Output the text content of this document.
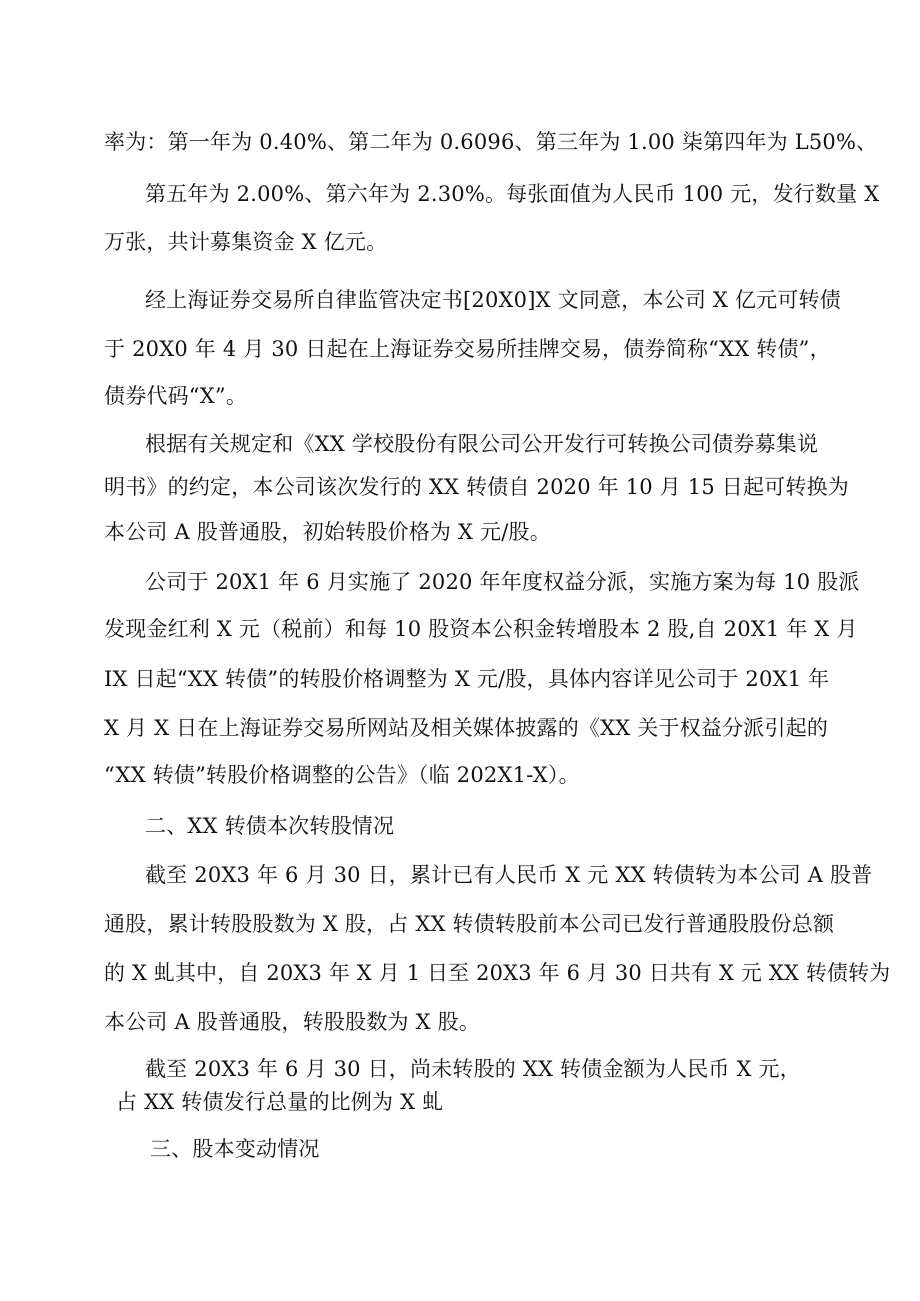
率为：第一年为 0.40%、第二年为 0.6096、第三年为 1.00 柒第四年为 L50%、
第五年为 2.00%、第六年为 2.30%。每张面值为人民币 100 元，发行数量 X
万张，共计募集资金 X 亿元。
经上海证券交易所自律监管决定书[20X0]X 文同意，本公司 X 亿元可转债
于 20X0 年 4 月 30 日起在上海证券交易所挂牌交易，债券简称“XX 转债”，
债券代码“X”。
根据有关规定和《XX 学校股份有限公司公开发行可转换公司债券募集说
明书》的约定，本公司该次发行的 XX 转债自 2020 年 10 月 15 日起可转换为
本公司 A 股普通股，初始转股价格为 X 元/股。
公司于 20X1 年 6 月实施了 2020 年年度权益分派，实施方案为每 10 股派
发现金红利 X 元（税前）和每 10 股资本公积金转增股本 2 股,自 20X1 年 X 月
IX 日起“XX 转债”的转股价格调整为 X 元/股，具体内容详见公司于 20X1 年
X 月 X 日在上海证券交易所网站及相关媒体披露的《XX 关于权益分派引起的
“XX 转债”转股价格调整的公告》（临 202X1-X）。
二、XX 转债本次转股情况
截至 20X3 年 6 月 30 日，累计已有人民币 X 元 XX 转债转为本公司 A 股普
通股，累计转股股数为 X 股，占 XX 转债转股前本公司已发行普通股股份总额
的 X 虬其中，自 20X3 年 X 月 1 日至 20X3 年 6 月 30 日共有 X 元 XX 转债转为
本公司 A 股普通股，转股股数为 X 股。
截至 20X3 年 6 月 30 日，尚未转股的 XX 转债金额为人民币 X 元，
占 XX 转债发行总量的比例为 X 虬
三、股本变动情况
